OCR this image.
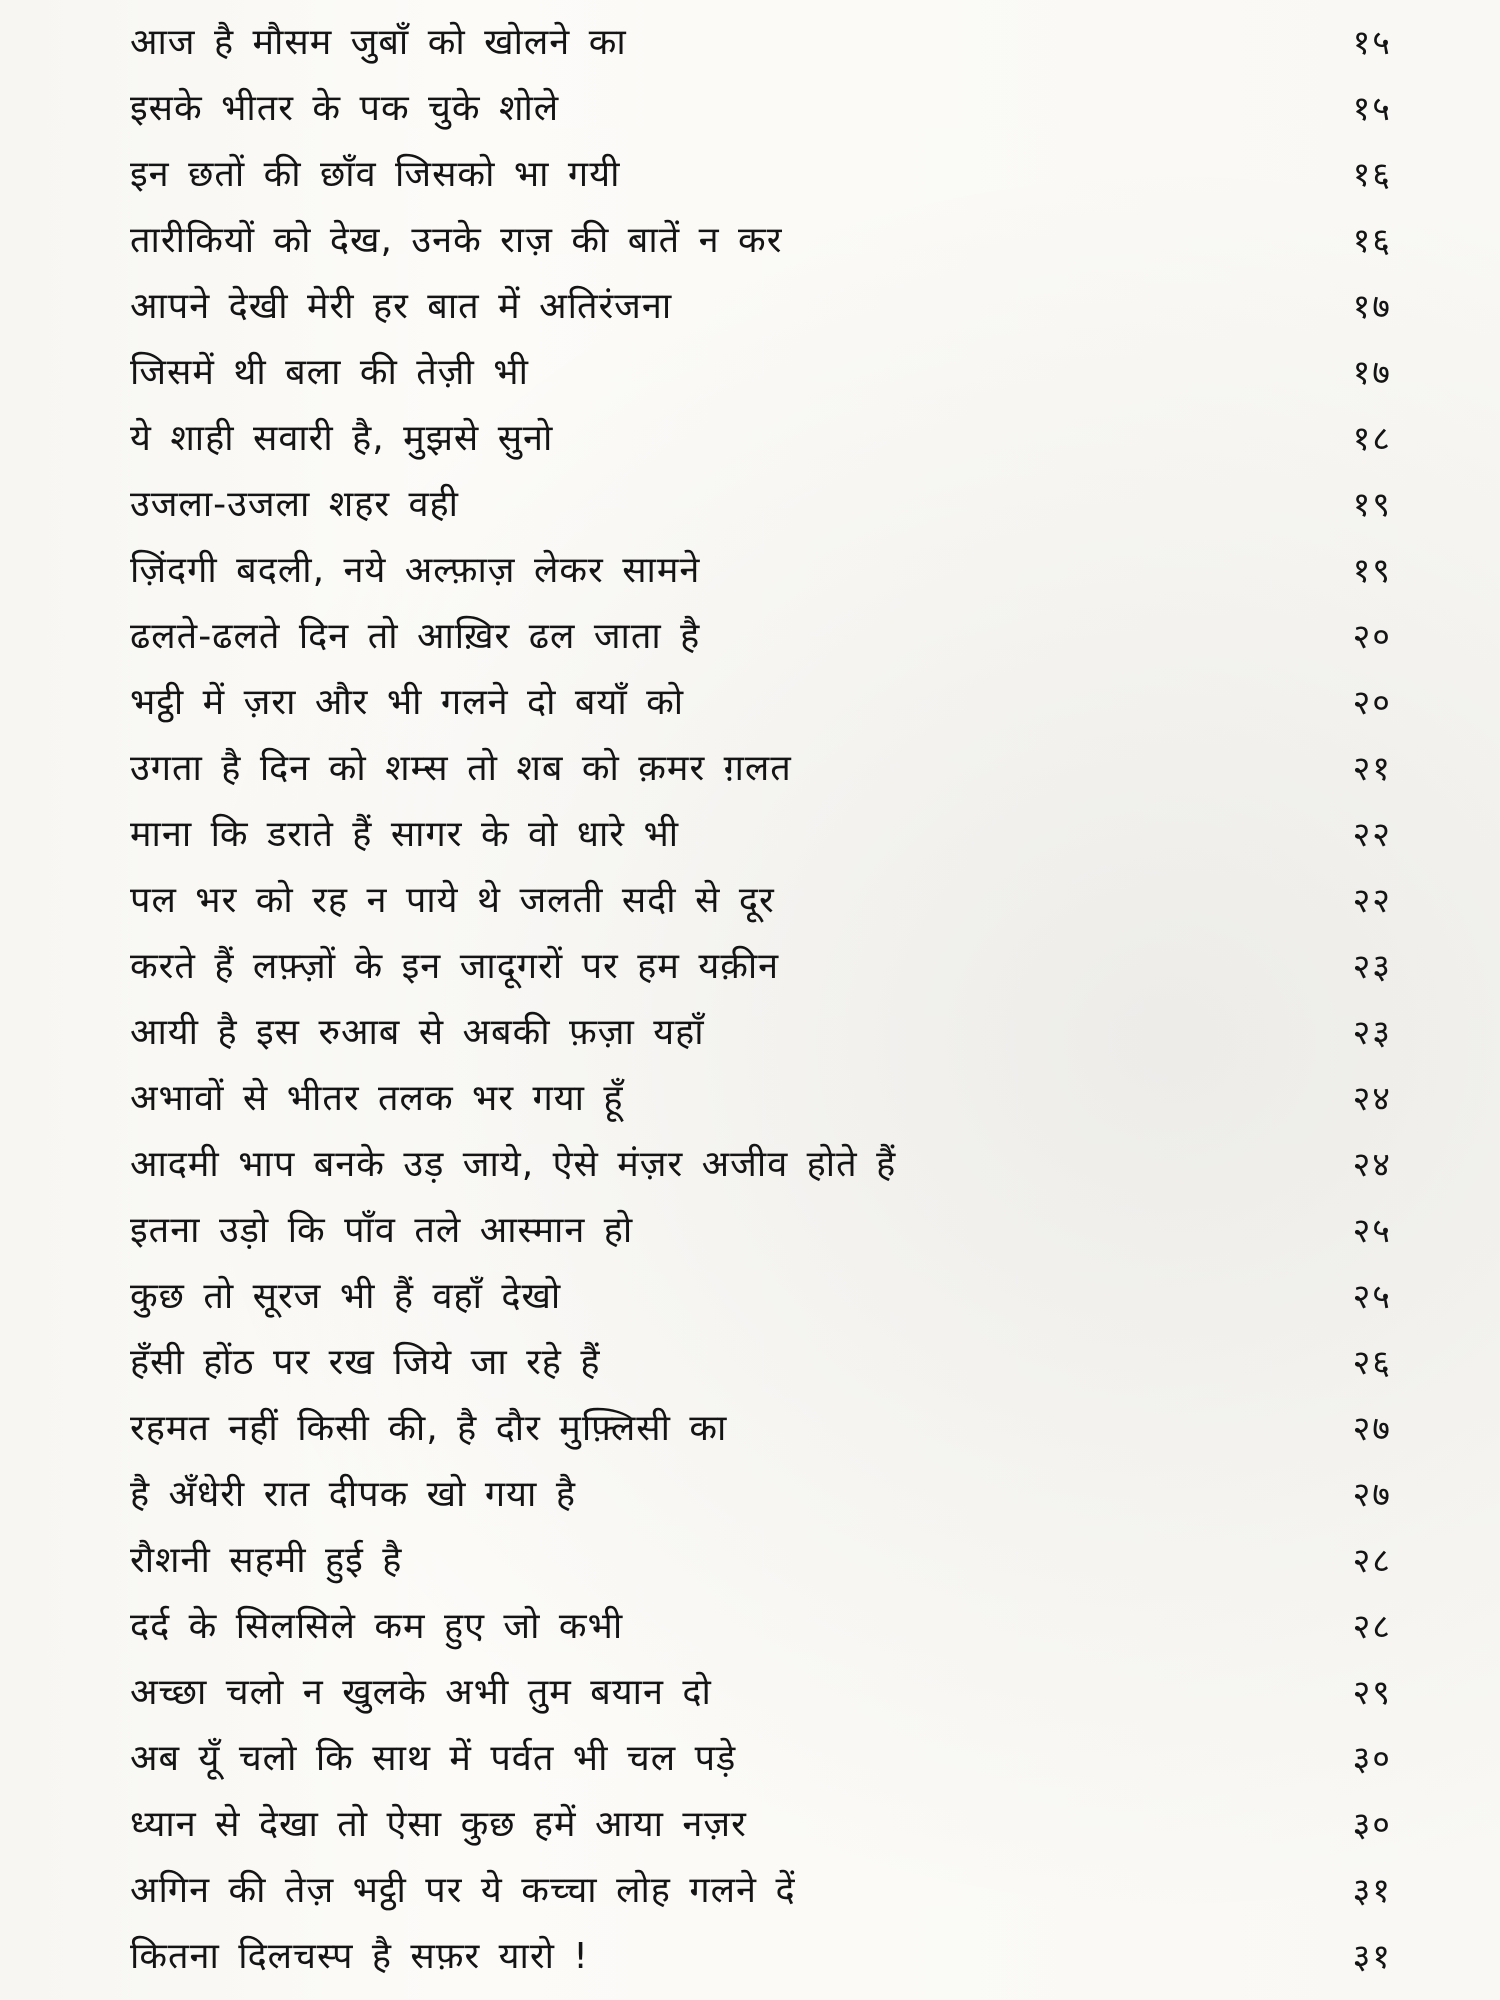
आज है मौसम जुबाँ को खोलने का	१५
इसके भीतर के पक चुके शोले	१५
इन छतों की छाँव जिसको भा गयी	१६
तारीकियों को देख, उनके राज़ की बातें न कर	१६
आपने देखी मेरी हर बात में अतिरंजना	१७
जिसमें थी बला की तेज़ी भी	१७
ये शाही सवारी है, मुझसे सुनो	१८
उजला-उजला शहर वही	१९
ज़िंदगी बदली, नये अल्फ़ाज़ लेकर सामने	१९
ढलते-ढलते दिन तो आख़िर ढल जाता है	२०
भट्ठी में ज़रा और भी गलने दो बयाँ को	२०
उगता है दिन को शम्स तो शब को क़मर ग़लत	२१
माना कि डराते हैं सागर के वो धारे भी	२२
पल भर को रह न पाये थे जलती सदी से दूर	२२
करते हैं लफ़्ज़ों के इन जादूगरों पर हम यक़ीन	२३
आयी है इस रुआब से अबकी फ़ज़ा यहाँ	२३
अभावों से भीतर तलक भर गया हूँ	२४
आदमी भाप बनके उड़ जाये, ऐसे मंज़र अजीव होते हैं	२४
इतना उड़ो कि पाँव तले आस्मान हो	२५
कुछ तो सूरज भी हैं वहाँ देखो	२५
हँसी होंठ पर रख जिये जा रहे हैं	२६
रहमत नहीं किसी की, है दौर मुफ़्लिसी का	२७
है अँधेरी रात दीपक खो गया है	२७
रौशनी सहमी हुई है	२८
दर्द के सिलसिले कम हुए जो कभी	२८
अच्छा चलो न खुलके अभी तुम बयान दो	२९
अब यूँ चलो कि साथ में पर्वत भी चल पड़े	३०
ध्यान से देखा तो ऐसा कुछ हमें आया नज़र	३०
अगिन की तेज़ भट्ठी पर ये कच्चा लोह गलने दें	३१
कितना दिलचस्प है सफ़र यारो !	३१
